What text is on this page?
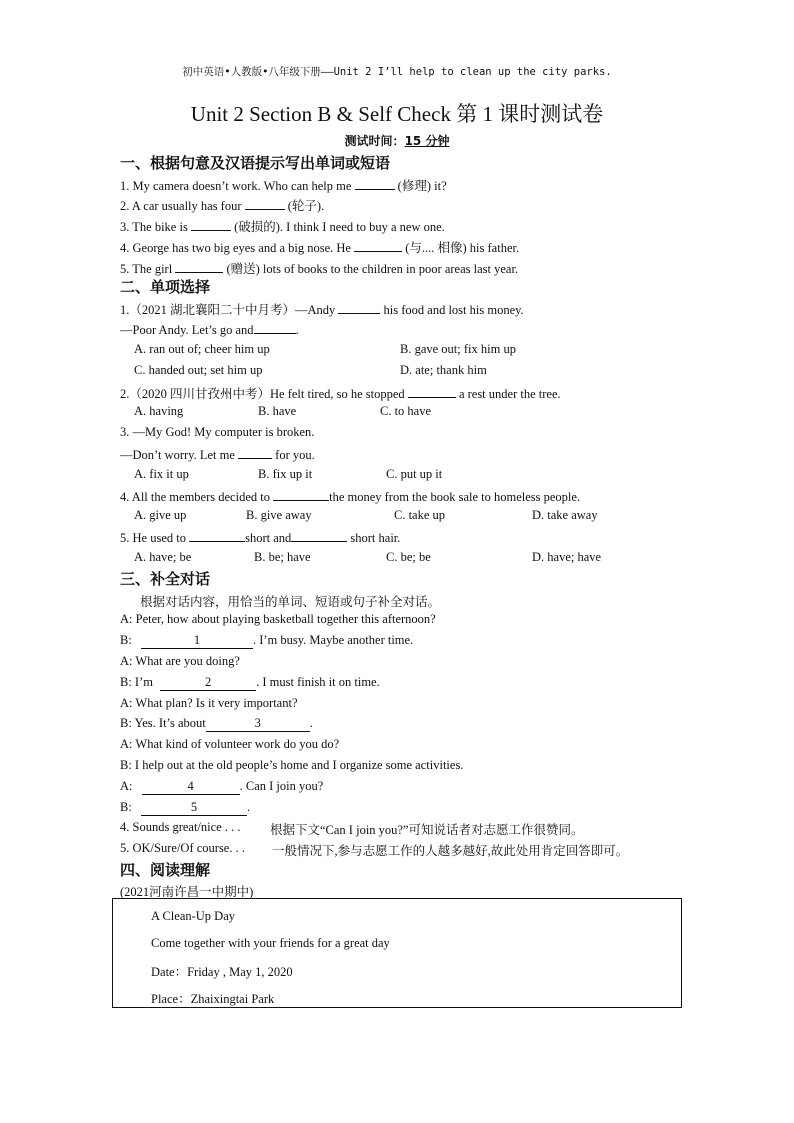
初中英语•人教版•八年级下册——Unit 2 I’ll help to clean up the city parks.
Unit 2 Section B & Self Check 第 1 课时测试卷
测试时间：15 分钟
一、根据句意及汉语提示写出单词或短语
1. My camera doesn’t work. Who can help me	(修理) it?
2. A car usually has four	(轮子).
3. The bike is	(破损的). I think I need to buy a new one.
4. George has two big eyes and a big nose. He	(与.... 相像) his father.
5. The girl	(赠送) lots of books to the children in poor areas last year.
二、单项选择
1.（2021 湖北襄阳二十中月考）—Andy	his food and lost his money.
—Poor Andy. Let’s go and	.
A. ran out of; cheer him up	B. gave out; fix him up
C. handed out; set him up	D. ate; thank him
2.（2020 四川甘孜州中考）He felt tired, so he stopped	a rest under the tree.
A. having	B. have	C. to have
3. —My God! My computer is broken.
—Don’t worry. Let me	for you.
A. fix it up	B. fix up it	C. put up it
4. All the members decided to	the money from the book sale to homeless people.
A. give up	B. give away	C. take up	D. take away
5. He used to	short and	short hair.
A. have; be	B. be; have	C. be; be	D. have; have
三、补全对话
根据对话内容，用恰当的单词、短语或句子补全对话。
A: Peter, how about playing basketball together this afternoon?
B:	1	. I’m busy. Maybe another time.
A: What are you doing?
B: I’m	2	. I must finish it on time.
A: What plan? Is it very important?
B: Yes. It’s about	3	.
A: What kind of volunteer work do you do?
B: I help out at the old people’s home and I organize some activities.
A:	4	. Can I join you?
B:	5	.
4. Sounds great/nice . . . 根据下文“Can I join you?”可知说话者对志愿工作很赞同。
5. OK/Sure/Of course. . . 一般情况下,参与志愿工作的人越多越好,故此处用肯定回答即可。
四、阅读理解
(2021河南许昌一中期中)
A Clean-Up Day
Come together with your friends for a great day
Date：Friday , May 1, 2020
Place：Zhaixingtai Park
